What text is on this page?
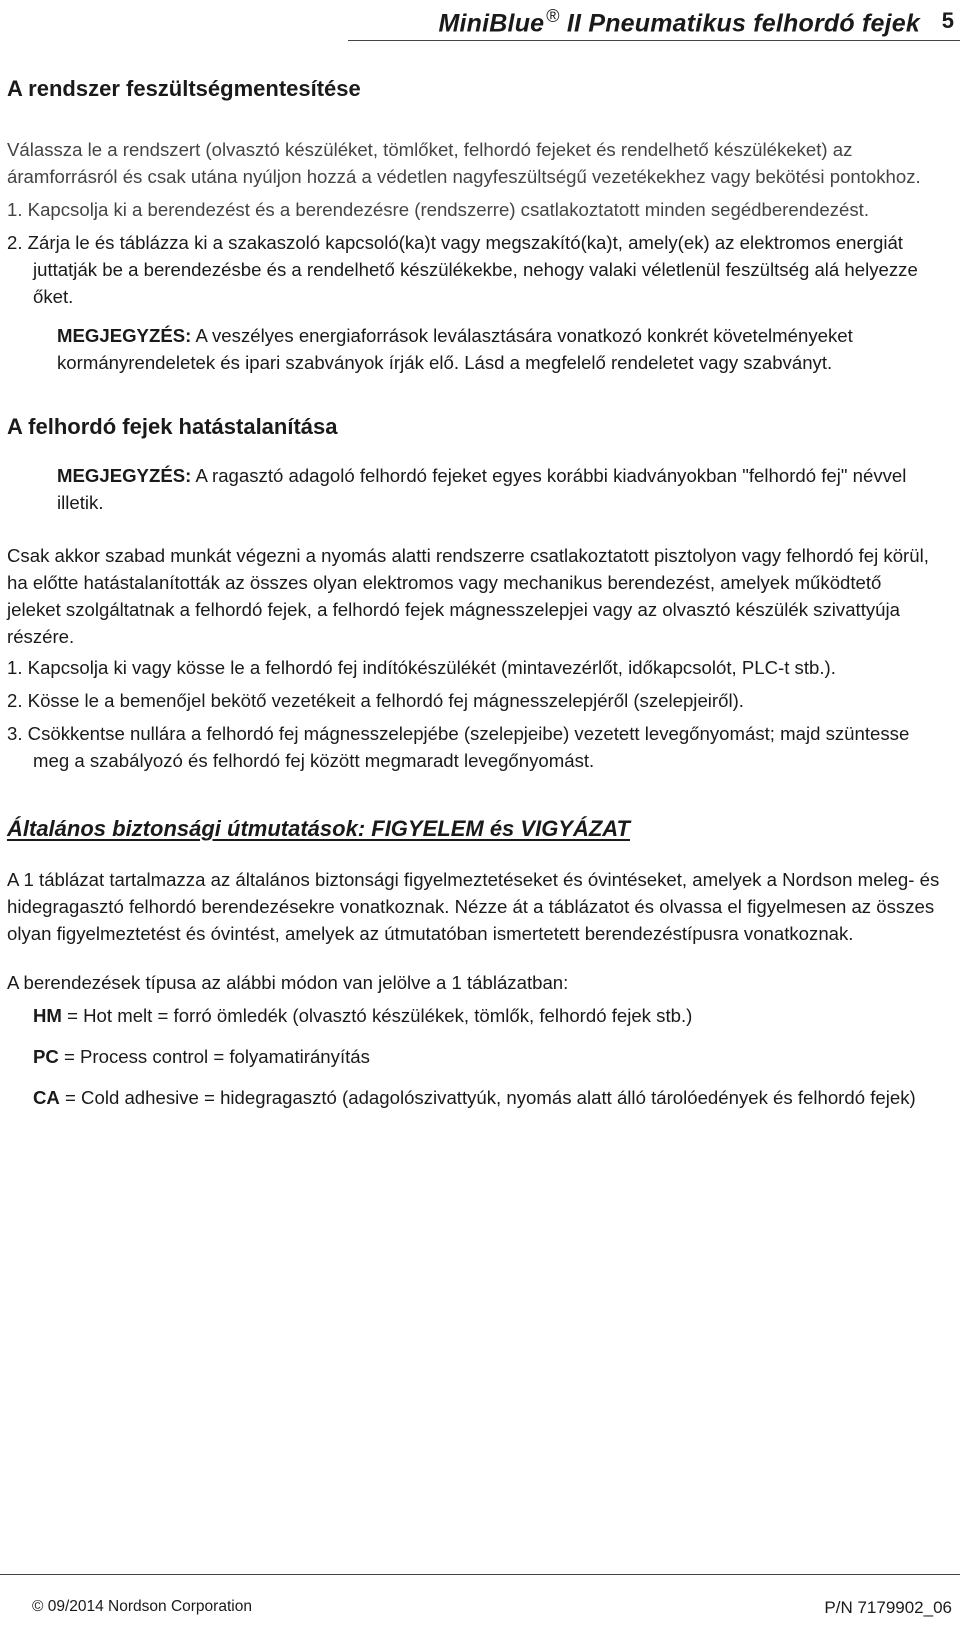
MiniBlue ® II Pneumatikus felhordó fejek 5
A rendszer feszültségmentesítése

Válassza le a rendszert (olvasztó készüléket, tömlőket, felhordó fejeket és rendelhető készülékeket) az áramforrásról és csak utána nyúljon hozzá a védetlen nagyfeszültségű vezetékekhez vagy bekötési pontokhoz.

1. Kapcsolja ki a berendezést és a berendezésre (rendszerre) csatlakoztatott minden segédberendezést.

2. Zárja le és táblázza ki a szakaszoló kapcsoló(ka)t vagy megszakító(ka)t, amely(ek) az elektromos energiát juttatják be a berendezésbe és a rendelhető készülékekbe, nehogy valaki véletlenül feszültség alá helyezze őket.

MEGJEGYZÉS: A veszélyes energiaforrások leválasztására vonatkozó konkrét követelményeket kormányrendeletek és ipari szabványok írják elő. Lásd a megfelelő rendeletet vagy szabványt.

A felhordó fejek hatástalanítása

MEGJEGYZÉS: A ragasztó adagoló felhordó fejeket egyes korábbi kiadványokban "felhordó fej" névvel illetik.

Csak akkor szabad munkát végezni a nyomás alatti rendszerre csatlakoztatott pisztolyon vagy felhordó fej körül, ha előtte hatástalanították az összes olyan elektromos vagy mechanikus berendezést, amelyek működtető jeleket szolgáltatnak a felhordó fejek, a felhordó fejek mágnesszelepjei vagy az olvasztó készülék szivattyúja részére.

1. Kapcsolja ki vagy kösse le a felhordó fej indítókészülékét (mintavezérlőt, időkapcsolót, PLC-t stb.).

2. Kösse le a bemenőjel bekötő vezetékeit a felhordó fej mágnesszelepjéről (szelepjeiről).

3. Csökkentse nullára a felhordó fej mágnesszelepjébe (szelepjeibe) vezetett levegőnyomást; majd szüntesse meg a szabályozó és felhordó fej között megmaradt levegőnyomást.

Általános biztonsági útmutatások: FIGYELEM és VIGYÁZAT

A 1 táblázat tartalmazza az általános biztonsági figyelmeztetéseket és óvintéseket, amelyek a Nordson meleg- és hidegragasztó felhordó berendezésekre vonatkoznak. Nézze át a táblázatot és olvassa el figyelmesen az összes olyan figyelmeztetést és óvintést, amelyek az útmutatóban ismertetett berendezéstípusra vonatkoznak.

A berendezések típusa az alábbi módon van jelölve a 1 táblázatban:

HM = Hot melt = forró ömledék (olvasztó készülékek, tömlők, felhordó fejek stb.)

PC = Process control = folyamatirányítás

CA = Cold adhesive = hidegragasztó (adagolószivattyúk, nyomás alatt álló tárolóedények és felhordó fejek)

© 09/2014 Nordson Corporation	P/N 7179902_06
